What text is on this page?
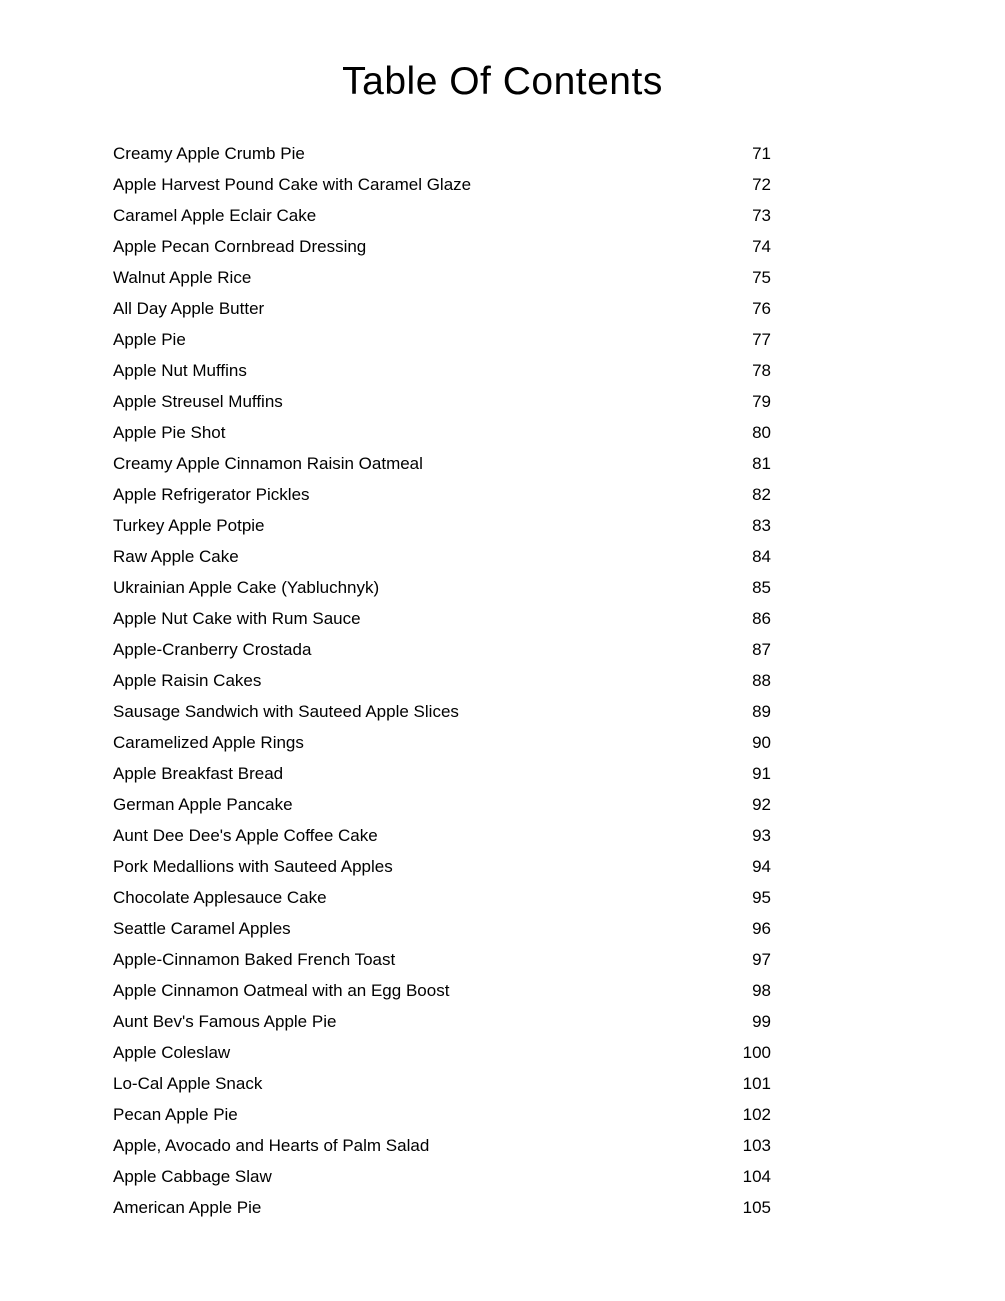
Table Of Contents
Creamy Apple Crumb Pie	71
Apple Harvest Pound Cake with Caramel Glaze	72
Caramel Apple Eclair Cake	73
Apple Pecan Cornbread Dressing	74
Walnut Apple Rice	75
All Day Apple Butter	76
Apple Pie	77
Apple Nut Muffins	78
Apple Streusel Muffins	79
Apple Pie Shot	80
Creamy Apple Cinnamon Raisin Oatmeal	81
Apple Refrigerator Pickles	82
Turkey Apple Potpie	83
Raw Apple Cake	84
Ukrainian Apple Cake (Yabluchnyk)	85
Apple Nut Cake with Rum Sauce	86
Apple-Cranberry Crostada	87
Apple Raisin Cakes	88
Sausage Sandwich with Sauteed Apple Slices	89
Caramelized Apple Rings	90
Apple Breakfast Bread	91
German Apple Pancake	92
Aunt Dee Dee's Apple Coffee Cake	93
Pork Medallions with Sauteed Apples	94
Chocolate Applesauce Cake	95
Seattle Caramel Apples	96
Apple-Cinnamon Baked French Toast	97
Apple Cinnamon Oatmeal with an Egg Boost	98
Aunt Bev's Famous Apple Pie	99
Apple Coleslaw	100
Lo-Cal Apple Snack	101
Pecan Apple Pie	102
Apple, Avocado and Hearts of Palm Salad	103
Apple Cabbage Slaw	104
American Apple Pie	105
